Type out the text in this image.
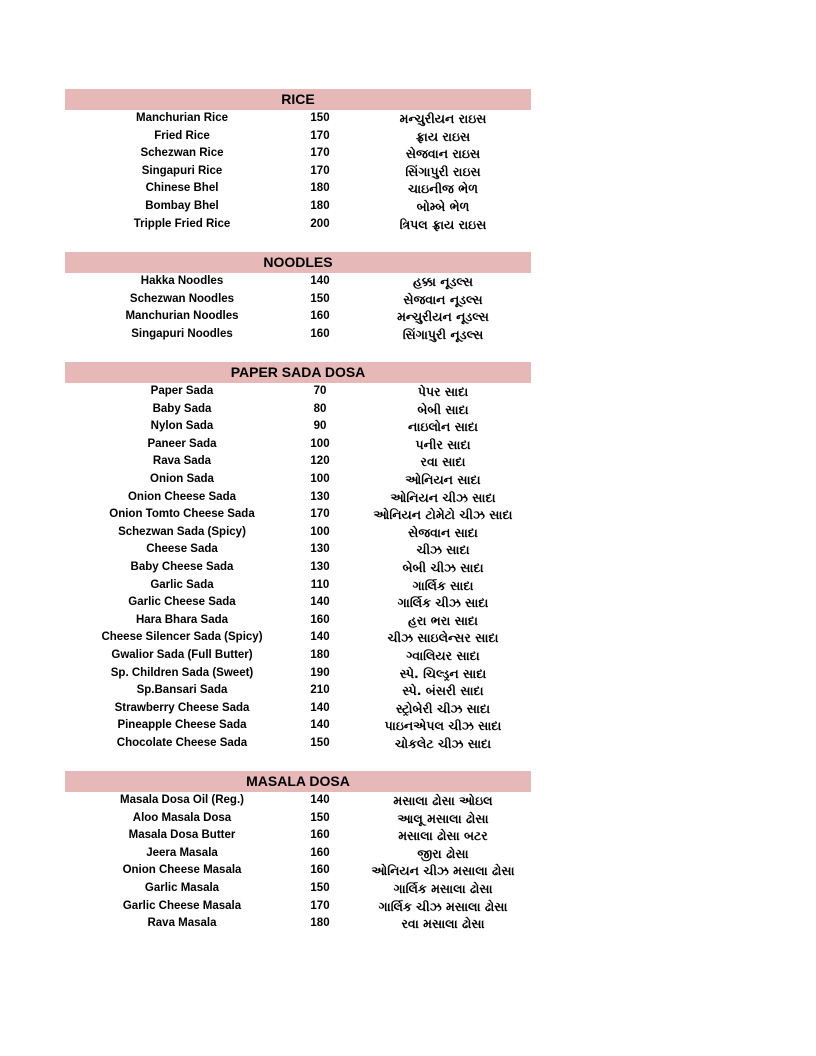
RICE
Manchurian Rice	150	મન્ચુરીયન રાઇસ
Fried Rice	170	ફ્રાય રાઇસ
Schezwan Rice	170	સેજવાન રાઇસ
Singapuri Rice	170	સિંગાપુરી રાઇસ
Chinese Bhel	180	ચાઇનીજ ભેળ
Bombay Bhel	180	બોમ્બે ભેળ
Tripple Fried Rice	200	ત્રિપલ ફ્રાય રાઇસ
NOODLES
Hakka Noodles	140	હક્કા નૂડલ્સ
Schezwan Noodles	150	સેજવાન નૂડલ્સ
Manchurian Noodles	160	મન્ચુરીયન નૂડલ્સ
Singapuri Noodles	160	સિંગાપુરી નૂડલ્સ
PAPER SADA DOSA
Paper Sada	70	પેપર સાદા
Baby Sada	80	બેબી સાદા
Nylon Sada	90	નાઇલોન સાદા
Paneer Sada	100	પનીર સાદા
Rava Sada	120	રવા સાદા
Onion Sada	100	ઓનિયન સાદા
Onion Cheese Sada	130	ઓનિયન ચીઝ સાદા
Onion Tomto Cheese Sada	170	ઓનિયન ટોમેટો ચીઝ સાદા
Schezwan Sada (Spicy)	100	સેજવાન સાદા
Cheese Sada	130	ચીઝ સાદા
Baby Cheese Sada	130	બેબી ચીઝ સાદા
Garlic Sada	110	ગાર્લિક સાદા
Garlic Cheese Sada	140	ગાર્લિક ચીઝ સાદા
Hara Bhara Sada	160	હરા ભરા સાદા
Cheese Silencer Sada (Spicy)	140	ચીઝ સાઇલેન્સર સાદા
Gwalior Sada (Full Butter)	180	ગ્વાલિયર સાદા
Sp. Children Sada (Sweet)	190	સ્પે. ચિલ્ડ્રન સાદા
Sp.Bansari Sada	210	સ્પે. બંસરી સાદા
Strawberry Cheese Sada	140	સ્ટ્રોબેરી ચીઝ સાદા
Pineapple Cheese Sada	140	પાઇનએપલ ચીઝ સાદા
Chocolate Cheese Sada	150	ચોકલેટ ચીઝ સાદા
MASALA DOSA
Masala Dosa Oil (Reg.)	140	મસાલા ઢોસા ઓઇલ
Aloo Masala Dosa	150	આલૂ મસાલા ઢોસા
Masala Dosa Butter	160	મસાલા ઢોસા બટર
Jeera Masala	160	જીરા ઢોસા
Onion Cheese Masala	160	ઓનિયન ચીઝ મસાલા ઢોસા
Garlic Masala	150	ગાર્લિક મસાલા ઢોસા
Garlic Cheese Masala	170	ગાર્લિક ચીઝ મસાલા ઢોસા
Rava Masala	180	રવા મસાલા ઢોસા
